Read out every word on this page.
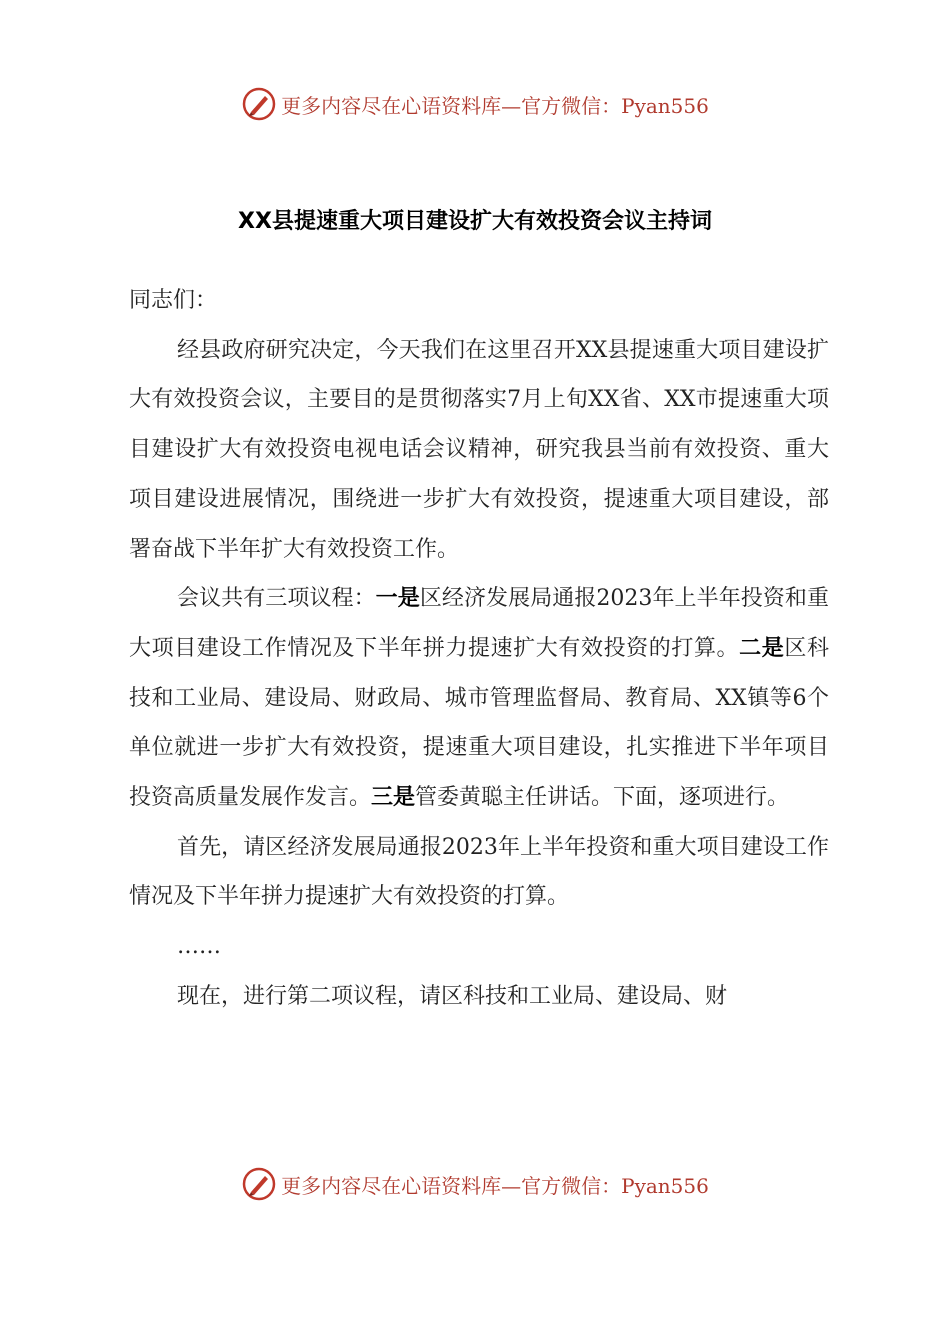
更多内容尽在心语资料库—官方微信：Pyan556
XX县提速重大项目建设扩大有效投资会议主持词

同志们：

经县政府研究决定，今天我们在这里召开XX县提速重大项目建设扩大有效投资会议，主要目的是贯彻落实7月上旬XX省、XX市提速重大项目建设扩大有效投资电视电话会议精神，研究我县当前有效投资、重大项目建设进展情况，围绕进一步扩大有效投资，提速重大项目建设，部署奋战下半年扩大有效投资工作。

会议共有三项议程：一是区经济发展局通报2023年上半年投资和重大项目建设工作情况及下半年拼力提速扩大有效投资的打算。二是区科技和工业局、建设局、财政局、城市管理监督局、教育局、XX镇等6个单位就进一步扩大有效投资，提速重大项目建设，扎实推进下半年项目投资高质量发展作发言。三是管委黄聪主任讲话。下面，逐项进行。

首先，请区经济发展局通报2023年上半年投资和重大项目建设工作情况及下半年拼力提速扩大有效投资的打算。

……

现在，进行第二项议程，请区科技和工业局、建设局、财

更多内容尽在心语资料库—官方微信：Pyan556
